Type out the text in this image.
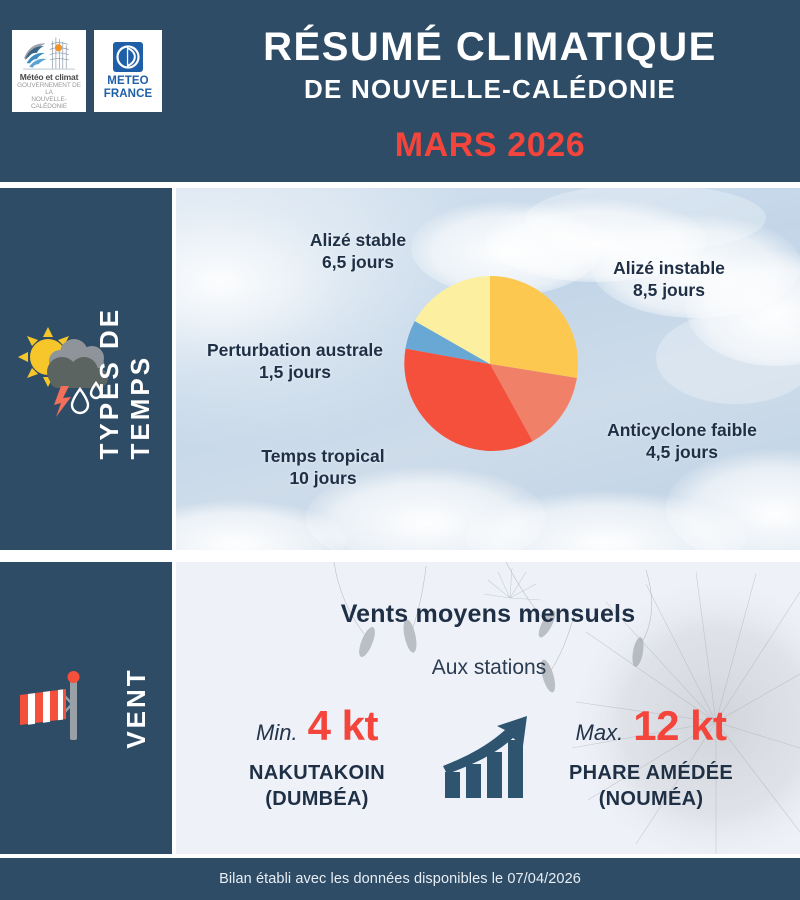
Météo et climat
GOUVERNEMENT DE LA
NOUVELLE-CALÉDONIE
METEO
FRANCE
RÉSUMÉ CLIMATIQUE
DE NOUVELLE-CALÉDONIE
MARS 2026
TYPES DE TEMPS
Alizé stable
6,5 jours	Alizé instable
8,5 jours
Perturbation australe
1,5 jours
Anticyclone faible
4,5 jours
Temps tropical
10 jours
VENT
Vents moyens mensuels
Aux stations
Min. 4 kt
NAKUTAKOIN
(DUMBÉA)
Max. 12 kt
PHARE AMÉDÉE
(NOUMÉA)
Bilan établi avec les données disponibles le 07/04/2026
